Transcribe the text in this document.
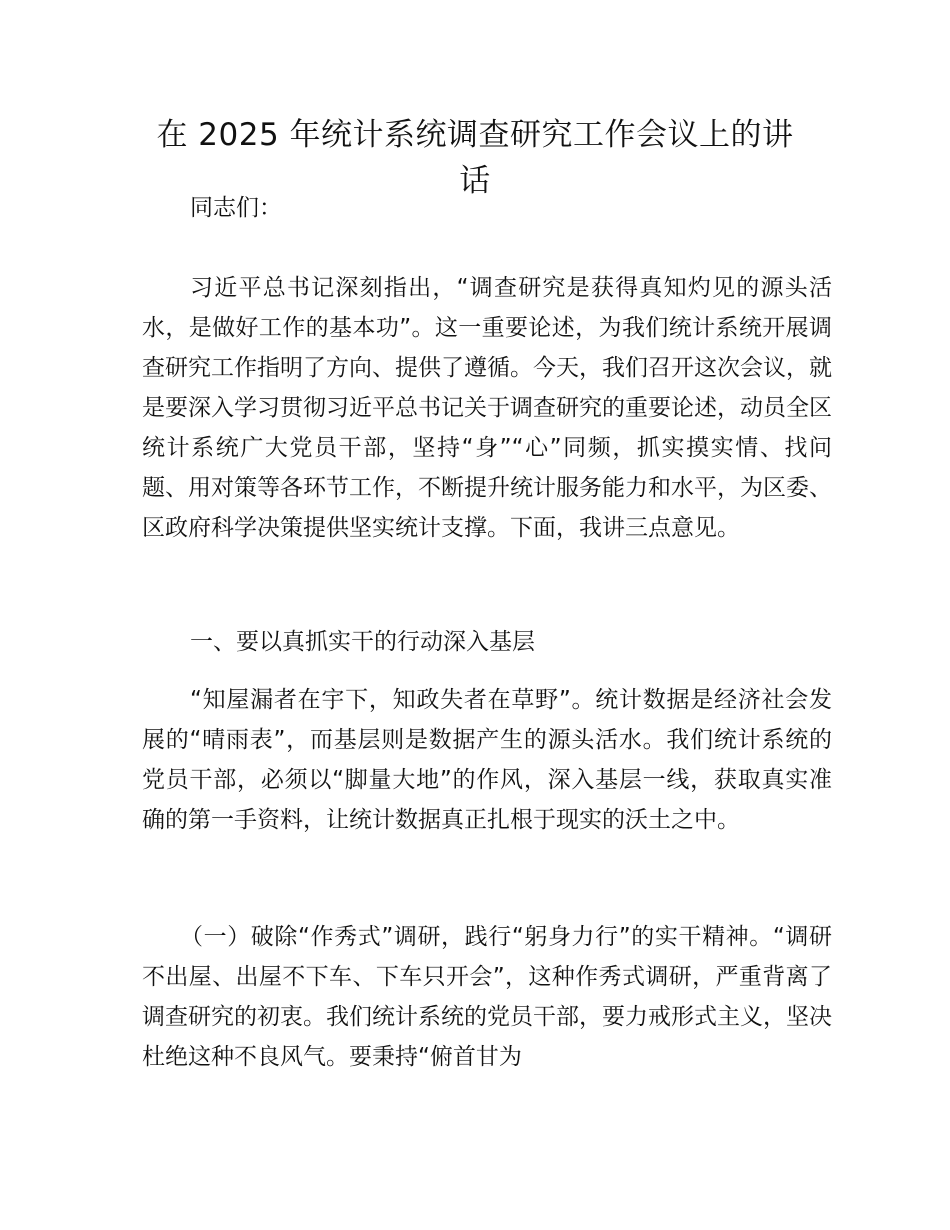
在 2025 年统计系统调查研究工作会议上的讲话

同志们：

习近平总书记深刻指出，“调查研究是获得真知灼见的源头活水，是做好工作的基本功”。这一重要论述，为我们统计系统开展调查研究工作指明了方向、提供了遵循。今天，我们召开这次会议，就是要深入学习贯彻习近平总书记关于调查研究的重要论述，动员全区统计系统广大党员干部，坚持“身”“心”同频，抓实摸实情、找问题、用对策等各环节工作，不断提升统计服务能力和水平，为区委、区政府科学决策提供坚实统计支撑。下面，我讲三点意见。

一、要以真抓实干的行动深入基层

“知屋漏者在宇下，知政失者在草野”。统计数据是经济社会发展的“晴雨表”，而基层则是数据产生的源头活水。我们统计系统的党员干部，必须以“脚量大地”的作风，深入基层一线，获取真实准确的第一手资料，让统计数据真正扎根于现实的沃土之中。

（一）破除“作秀式”调研，践行“躬身力行”的实干精神。“调研不出屋、出屋不下车、下车只开会”，这种作秀式调研，严重背离了调查研究的初衷。我们统计系统的党员干部，要力戒形式主义，坚决杜绝这种不良风气。要秉持“俯首甘为
